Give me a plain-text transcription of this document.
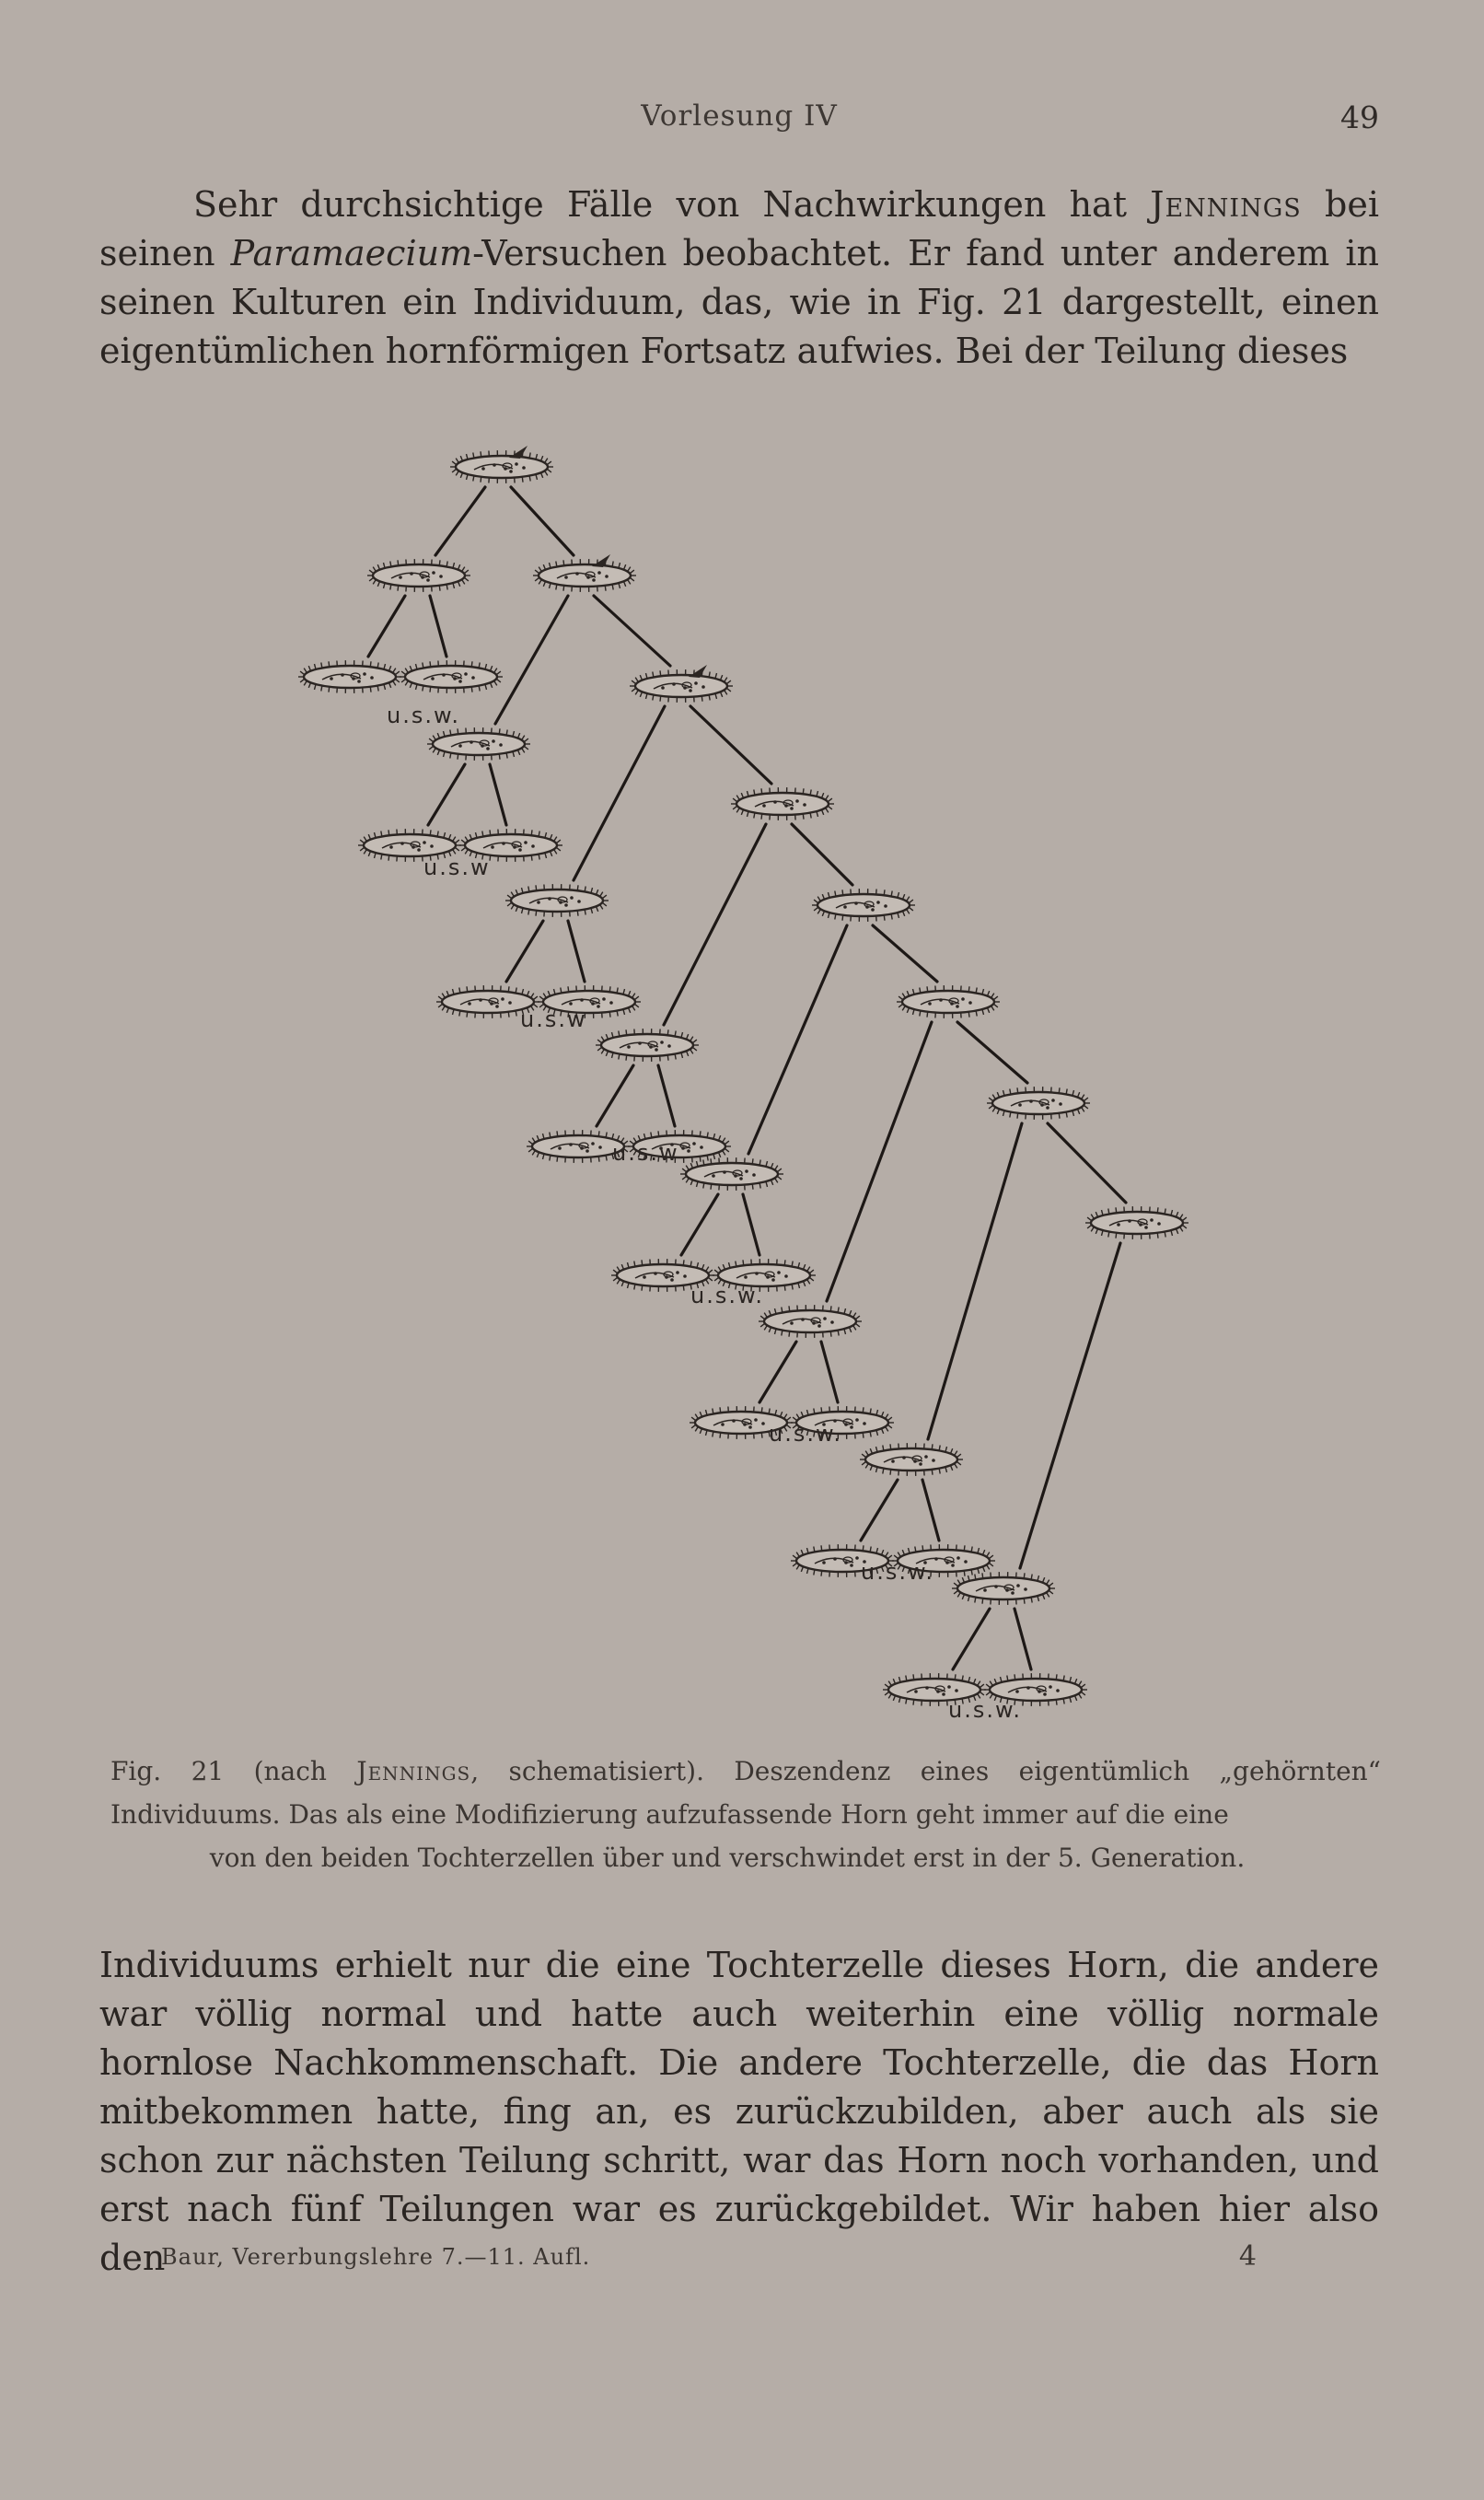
Vorlesung IV	49

Sehr durchsichtige Fälle von Nachwirkungen hat Jennings bei seinen Paramaecium-Versuchen beobachtet. Er fand unter anderem in seinen Kulturen ein Individuum, das, wie in Fig. 21 dargestellt, einen eigentümlichen hornförmigen Fortsatz aufwies. Bei der Teilung dieses

u.s.w.
u.s.w
u.s.w
u.s.w
u.s.w.
u.s.w.
u.s.w.
u.s.w.
Fig. 21 (nach Jennings, schematisiert). Deszendenz eines eigentümlich „gehörnten“ Individuums. Das als eine Modifizierung aufzufassende Horn geht immer auf die eine
von den beiden Tochterzellen über und verschwindet erst in der 5. Generation.

Individuums erhielt nur die eine Tochterzelle dieses Horn, die andere war völlig normal und hatte auch weiterhin eine völlig normale hornlose Nachkommenschaft. Die andere Tochterzelle, die das Horn mitbekommen hatte, fing an, es zurückzubilden, aber auch als sie schon zur nächsten Teilung schritt, war das Horn noch vorhanden, und erst nach fünf Teilungen war es zurückgebildet. Wir haben hier also den

Baur, Vererbungslehre 7.—11. Aufl.	4
